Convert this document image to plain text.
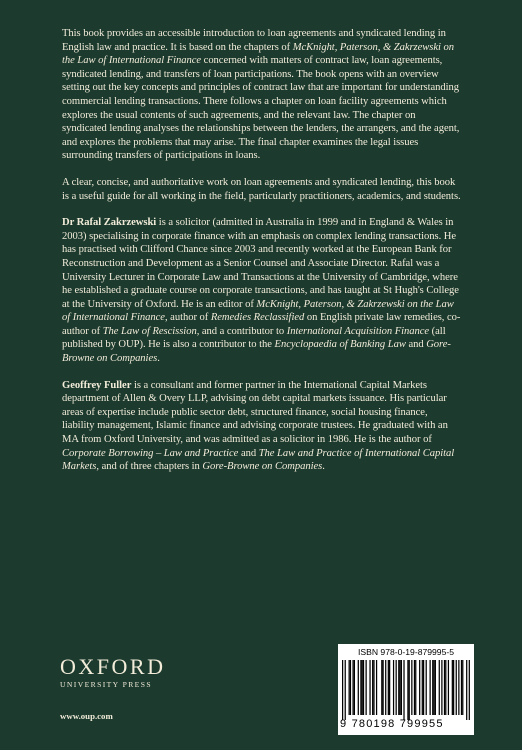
This book provides an accessible introduction to loan agreements and syndicated lending in English law and practice. It is based on the chapters of McKnight, Paterson, & Zakrzewski on the Law of International Finance concerned with matters of contract law, loan agreements, syndicated lending, and transfers of loan participations. The book opens with an overview setting out the key concepts and principles of contract law that are important for understanding commercial lending transactions. There follows a chapter on loan facility agreements which explores the usual contents of such agreements, and the relevant law. The chapter on syndicated lending analyses the relationships between the lenders, the arrangers, and the agent, and explores the problems that may arise. The final chapter examines the legal issues surrounding transfers of participations in loans.

A clear, concise, and authoritative work on loan agreements and syndicated lending, this book is a useful guide for all working in the field, particularly practitioners, academics, and students.

Dr Rafal Zakrzewski is a solicitor (admitted in Australia in 1999 and in England & Wales in 2003) specialising in corporate finance with an emphasis on complex lending transactions. He has practised with Clifford Chance since 2003 and recently worked at the European Bank for Reconstruction and Development as a Senior Counsel and Associate Director. Rafal was a University Lecturer in Corporate Law and Transactions at the University of Cambridge, where he established a graduate course on corporate transactions, and has taught at St Hugh's College at the University of Oxford. He is an editor of McKnight, Paterson, & Zakrzewski on the Law of International Finance, author of Remedies Reclassified on English private law remedies, co-author of The Law of Rescission, and a contributor to International Acquisition Finance (all published by OUP). He is also a contributor to the Encyclopaedia of Banking Law and Gore-Browne on Companies.

Geoffrey Fuller is a consultant and former partner in the International Capital Markets department of Allen & Overy LLP, advising on debt capital markets issuance. His particular areas of expertise include public sector debt, structured finance, social housing finance, liability management, Islamic finance and advising corporate trustees. He graduated with an MA from Oxford University, and was admitted as a solicitor in 1986. He is the author of Corporate Borrowing – Law and Practice and The Law and Practice of International Capital Markets, and of three chapters in Gore-Browne on Companies.

OXFORD
UNIVERSITY PRESS
www.oup.com
ISBN 978-0-19-879995-5
9 780198 799955
